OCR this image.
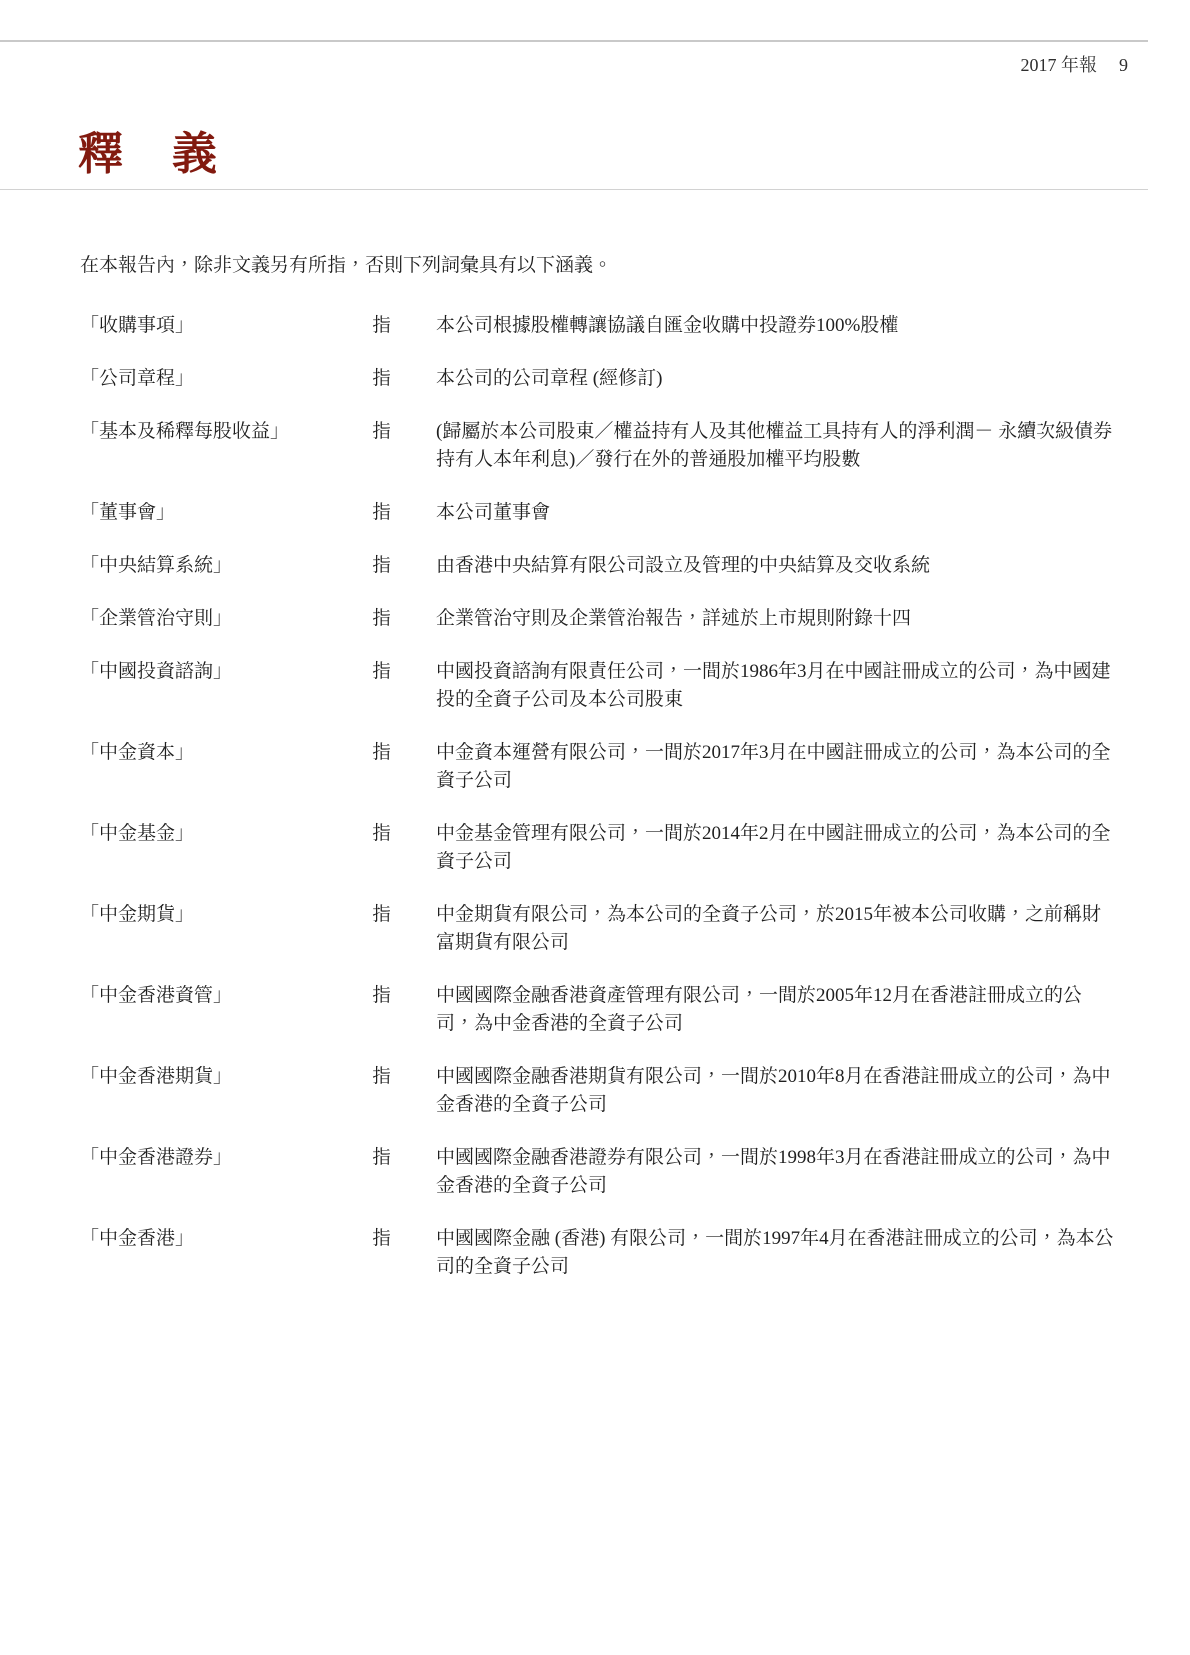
2017 年報 9
釋　義

在本報告內，除非文義另有所指，否則下列詞彙具有以下涵義。

「收購事項」	指	本公司根據股權轉讓協議自匯金收購中投證券100%股權
「公司章程」	指	本公司的公司章程 (經修訂)
「基本及稀釋每股收益」	指	(歸屬於本公司股東／權益持有人及其他權益工具持有人的淨利潤－ 永續次級債券持有人本年利息)／發行在外的普通股加權平均股數
「董事會」	指	本公司董事會
「中央結算系統」	指	由香港中央結算有限公司設立及管理的中央結算及交收系統
「企業管治守則」	指	企業管治守則及企業管治報告，詳述於上市規則附錄十四
「中國投資諮詢」	指	中國投資諮詢有限責任公司，一間於1986年3月在中國註冊成立的公司，為中國建投的全資子公司及本公司股東
「中金資本」	指	中金資本運營有限公司，一間於2017年3月在中國註冊成立的公司，為本公司的全資子公司
「中金基金」	指	中金基金管理有限公司，一間於2014年2月在中國註冊成立的公司，為本公司的全資子公司
「中金期貨」	指	中金期貨有限公司，為本公司的全資子公司，於2015年被本公司收購，之前稱財富期貨有限公司
「中金香港資管」	指	中國國際金融香港資產管理有限公司，一間於2005年12月在香港註冊成立的公司，為中金香港的全資子公司
「中金香港期貨」	指	中國國際金融香港期貨有限公司，一間於2010年8月在香港註冊成立的公司，為中金香港的全資子公司
「中金香港證券」	指	中國國際金融香港證券有限公司，一間於1998年3月在香港註冊成立的公司，為中金香港的全資子公司
「中金香港」	指	中國國際金融 (香港) 有限公司，一間於1997年4月在香港註冊成立的公司，為本公司的全資子公司
